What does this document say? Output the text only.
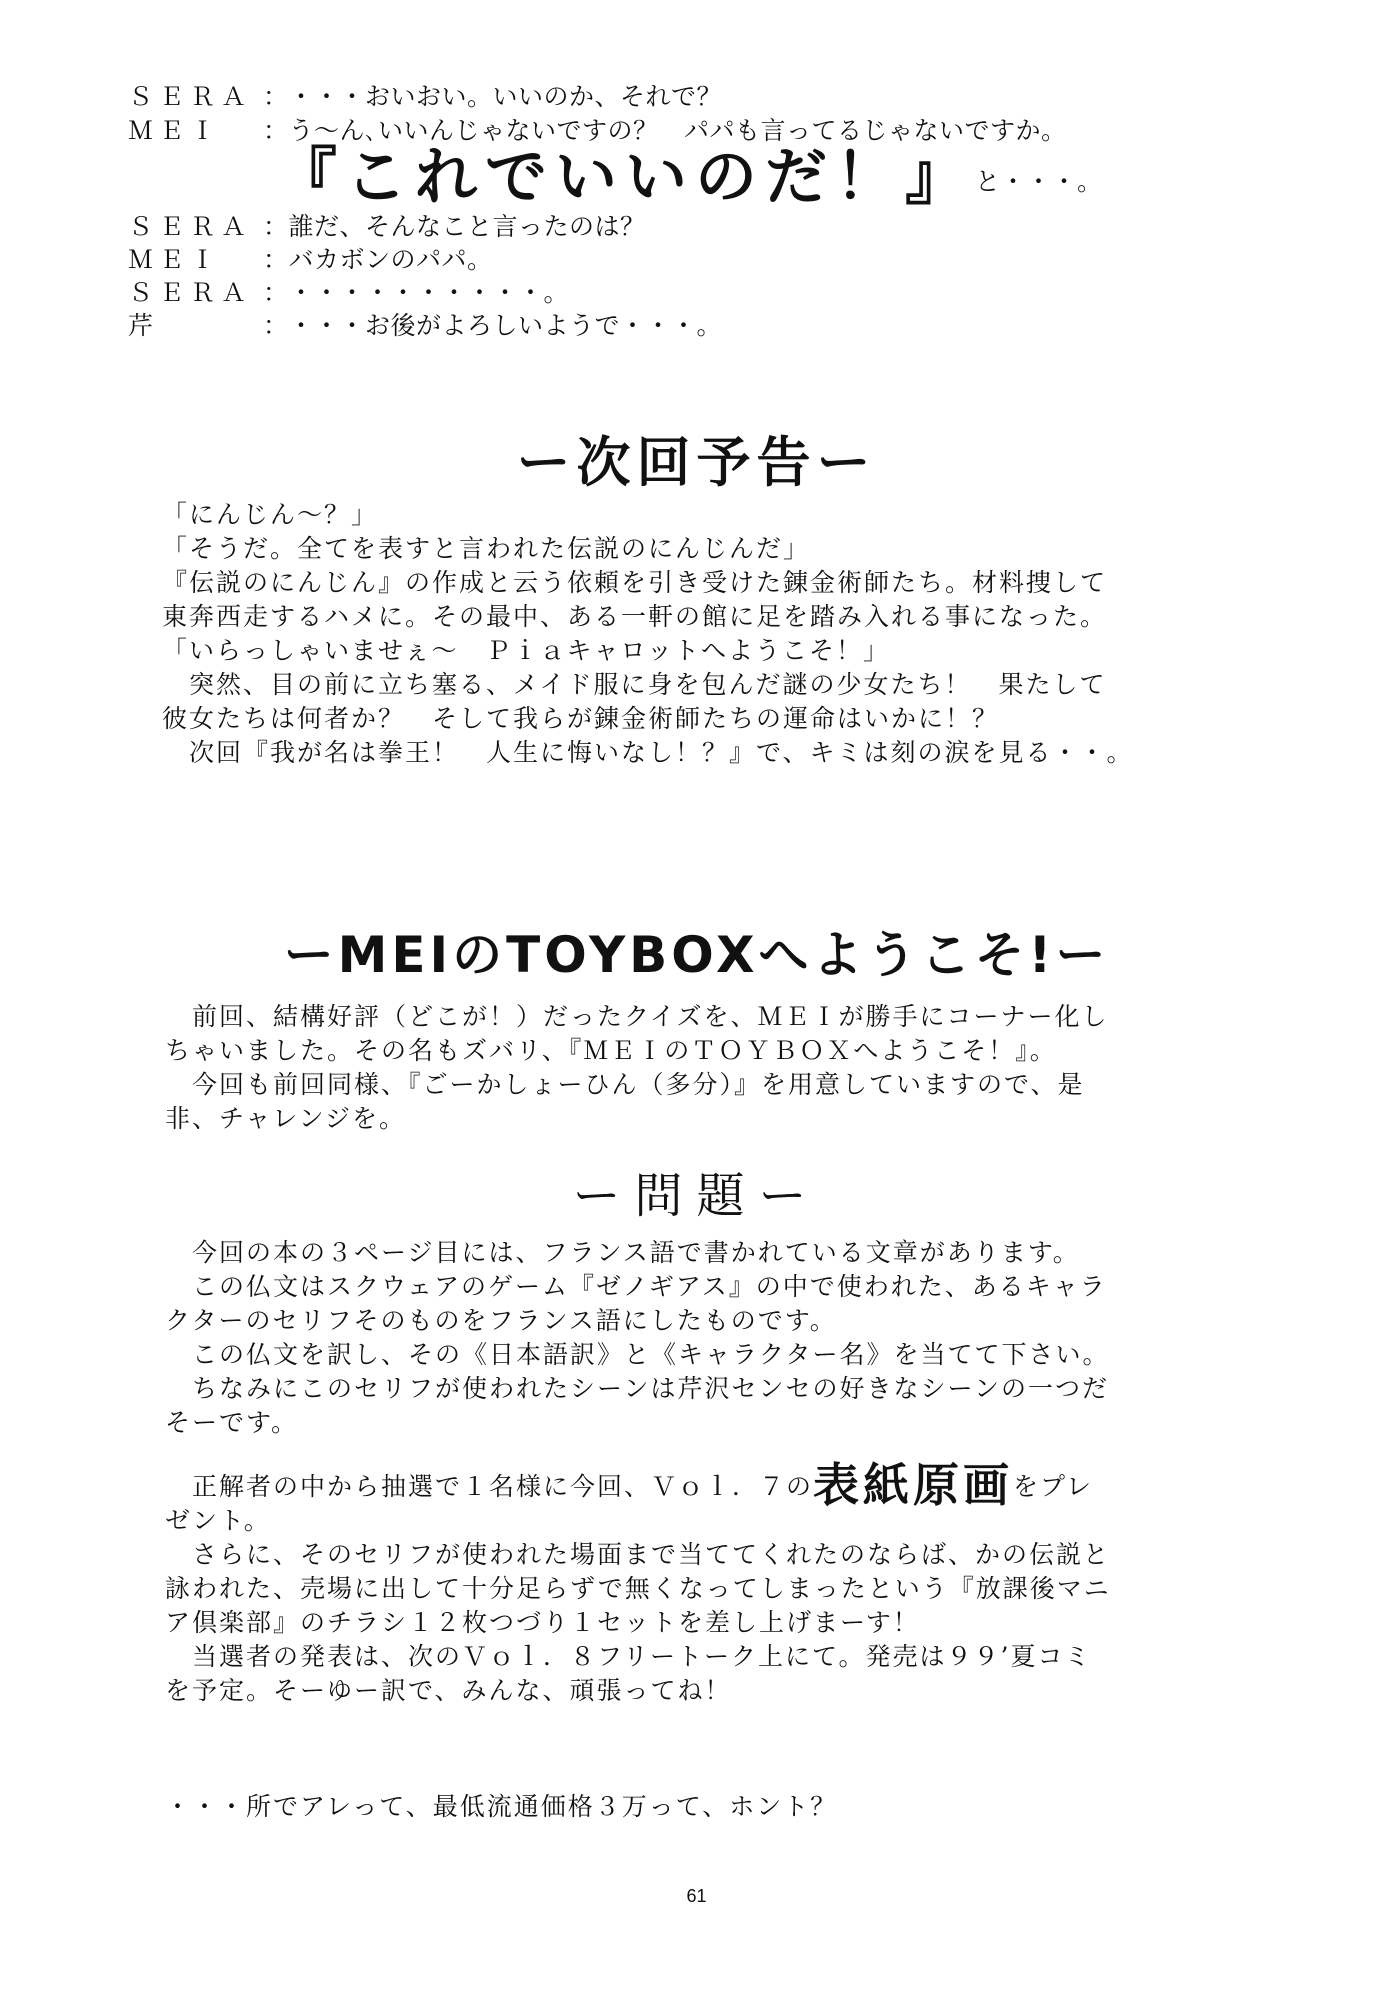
ＳＥＲＡ ：・・・おいおい。いいのか、それで？
ＭＥＩ ：う～ん､いいんじゃないですの？　パパも言ってるじゃないですか。
『これでいいのだ！』と・・・。
ＳＥＲＡ ：誰だ、そんなこと言ったのは？
ＭＥＩ ：バカボンのパパ。
ＳＥＲＡ ：・・・・・・・・・・。
芹	：・・・お後がよろしいようで・・・。
ー次回予告ー

「にんじん～？」

「そうだ。全てを表すと言われた伝説のにんじんだ」

『伝説のにんじん』の作成と云う依頼を引き受けた錬金術師たち。材料捜して

東奔西走するハメに。その最中、ある一軒の館に足を踏み入れる事になった。

「いらっしゃいませぇ～　Ｐｉａキャロットへようこそ！」

　突然、目の前に立ち塞る、メイド服に身を包んだ謎の少女たち！　果たして

彼女たちは何者か？　そして我らが錬金術師たちの運命はいかに！？

　次回『我が名は拳王！　人生に悔いなし！？』で、キミは刻の涙を見る・・。

ーMEIのTOYBOXへようこそ!ー

　前回、結構好評（どこが！）だったクイズを、ＭＥＩが勝手にコーナー化し

ちゃいました。その名もズバリ、『ＭＥＩのＴＯＹＢＯＸへようこそ！』。

　今回も前回同様、『ごーかしょーひん（多分）』を用意していますので、是

非、チャレンジを。

ー問題ー

　今回の本の３ページ目には、フランス語で書かれている文章があります。

　この仏文はスクウェアのゲーム『ゼノギアス』の中で使われた、あるキャラ

クターのセリフそのものをフランス語にしたものです。

　この仏文を訳し、その《日本語訳》と《キャラクター名》を当てて下さい。

　ちなみにこのセリフが使われたシーンは芹沢センセの好きなシーンの一つだ

そーです。

　正解者の中から抽選で１名様に今回、Ｖｏｌ．７の表紙原画をプレ

ゼント。

　さらに、そのセリフが使われた場面まで当ててくれたのならば、かの伝説と

詠われた、売場に出して十分足らずで無くなってしまったという『放課後マニ

ア倶楽部』のチラシ１２枚つづり１セットを差し上げまーす！

　当選者の発表は、次のＶｏｌ．８フリートーク上にて。発売は９９’夏コミ

を予定。そーゆー訳で、みんな、頑張ってね！

・・・所でアレって、最低流通価格３万って、ホント？

61
